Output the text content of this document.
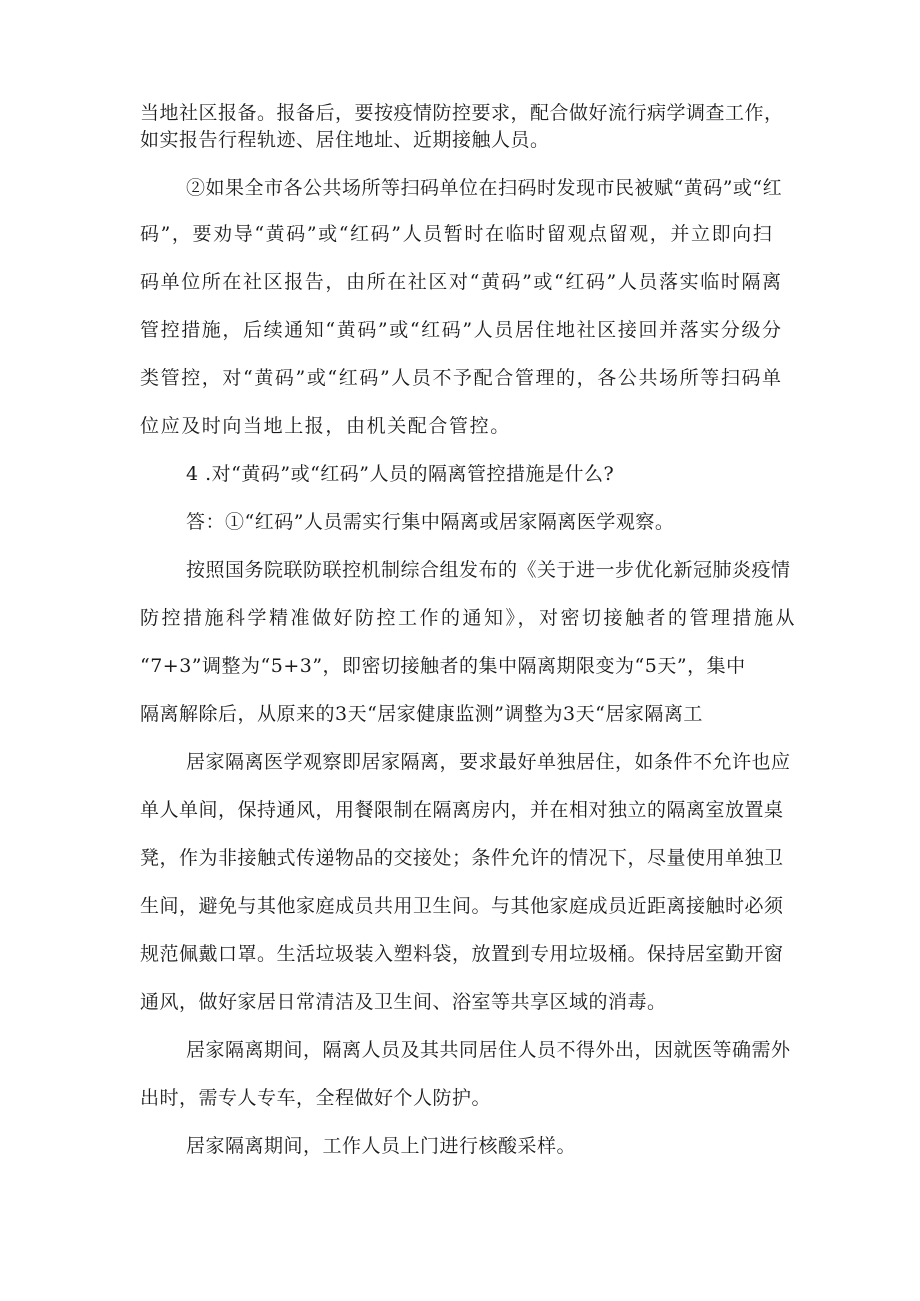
当地社区报备。报备后，要按疫情防控要求，配合做好流行病学调查工作，
如实报告行程轨迹、居住地址、近期接触人员。
②如果全市各公共场所等扫码单位在扫码时发现市民被赋“黄码”或“红
码”，要劝导“黄码”或“红码”人员暂时在临时留观点留观，并立即向扫
码单位所在社区报告，由所在社区对“黄码”或“红码”人员落实临时隔离
管控措施，后续通知“黄码”或“红码”人员居住地社区接回并落实分级分
类管控，对“黄码”或“红码”人员不予配合管理的，各公共场所等扫码单
位应及时向当地上报，由机关配合管控。
4 .对“黄码”或“红码”人员的隔离管控措施是什么?
答：①“红码”人员需实行集中隔离或居家隔离医学观察。
按照国务院联防联控机制综合组发布的《关于进一步优化新冠肺炎疫情
防控措施科学精准做好防控工作的通知》，对密切接触者的管理措施从
“7+3”调整为“5+3”，即密切接触者的集中隔离期限变为“5天”，集中
隔离解除后，从原来的3天“居家健康监测”调整为3天“居家隔离工
居家隔离医学观察即居家隔离，要求最好单独居住，如条件不允许也应
单人单间，保持通风，用餐限制在隔离房内，并在相对独立的隔离室放置桌
凳，作为非接触式传递物品的交接处；条件允许的情况下，尽量使用单独卫
生间，避免与其他家庭成员共用卫生间。与其他家庭成员近距离接触时必须
规范佩戴口罩。生活垃圾装入塑料袋，放置到专用垃圾桶。保持居室勤开窗
通风，做好家居日常清洁及卫生间、浴室等共享区域的消毒。
居家隔离期间，隔离人员及其共同居住人员不得外出，因就医等确需外
出时，需专人专车，全程做好个人防护。
居家隔离期间，工作人员上门进行核酸采样。
